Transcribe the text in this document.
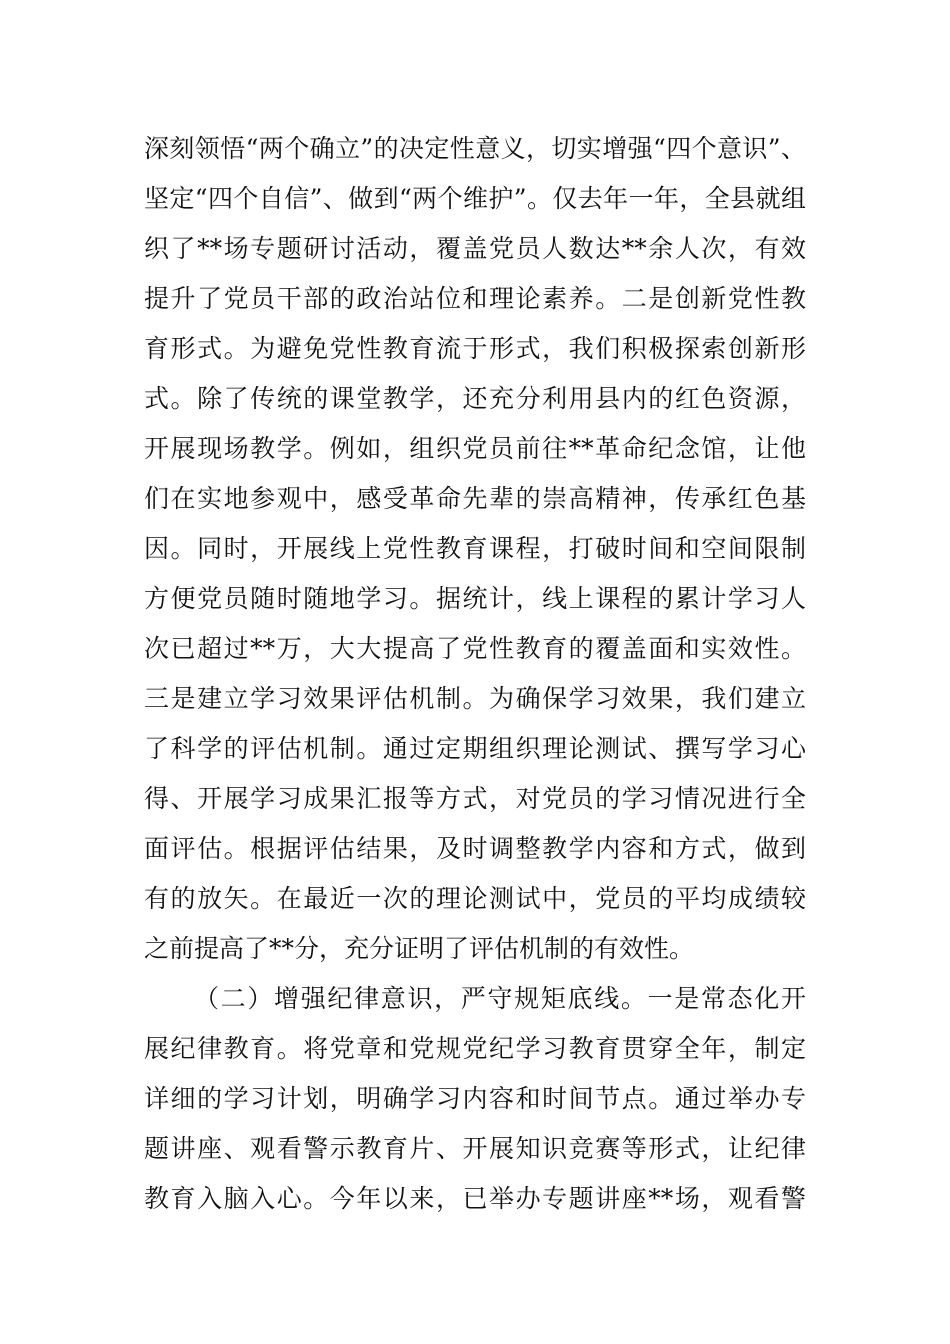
深刻领悟“两个确立”的决定性意义，切实增强“四个意识”、
坚定“四个自信”、做到“两个维护”。仅去年一年，全县就组
织了**场专题研讨活动，覆盖党员人数达**余人次，有效
提升了党员干部的政治站位和理论素养。二是创新党性教
育形式。为避免党性教育流于形式，我们积极探索创新形
式。除了传统的课堂教学，还充分利用县内的红色资源，
开展现场教学。例如，组织党员前往**革命纪念馆，让他
们在实地参观中，感受革命先辈的崇高精神，传承红色基
因。同时，开展线上党性教育课程，打破时间和空间限制
方便党员随时随地学习。据统计，线上课程的累计学习人
次已超过**万，大大提高了党性教育的覆盖面和实效性。
三是建立学习效果评估机制。为确保学习效果，我们建立
了科学的评估机制。通过定期组织理论测试、撰写学习心
得、开展学习成果汇报等方式，对党员的学习情况进行全
面评估。根据评估结果，及时调整教学内容和方式，做到
有的放矢。在最近一次的理论测试中，党员的平均成绩较
之前提高了**分，充分证明了评估机制的有效性。
（二）增强纪律意识，严守规矩底线。一是常态化开
展纪律教育。将党章和党规党纪学习教育贯穿全年，制定
详细的学习计划，明确学习内容和时间节点。通过举办专
题讲座、观看警示教育片、开展知识竞赛等形式，让纪律
教育入脑入心。今年以来，已举办专题讲座**场，观看警
